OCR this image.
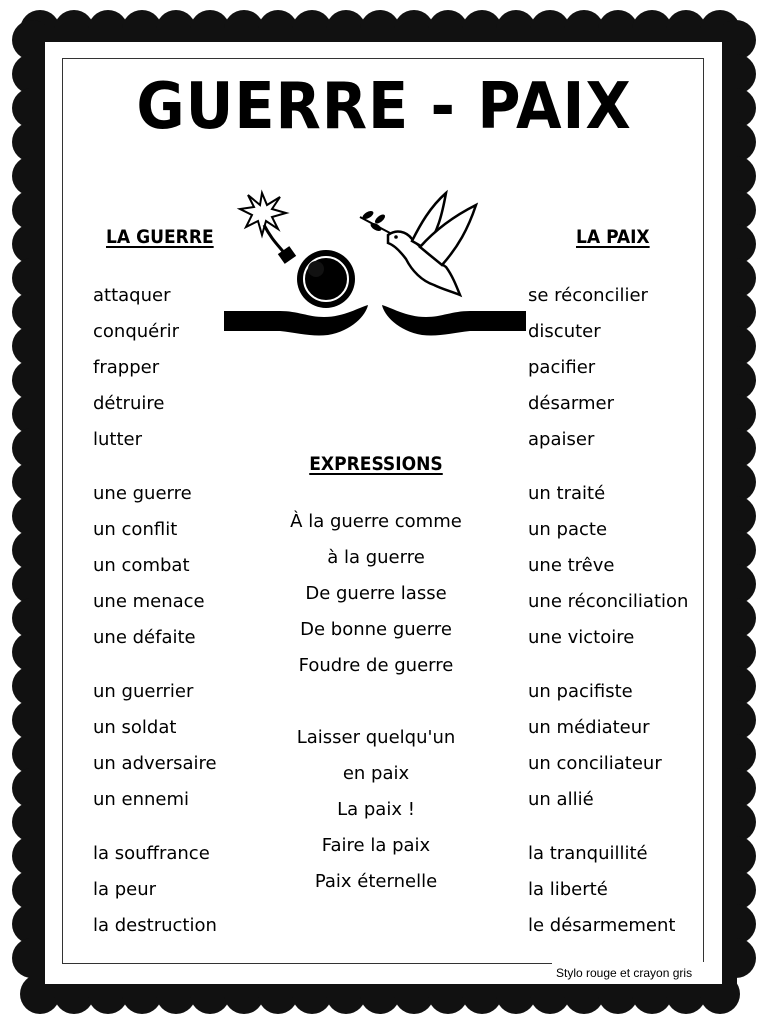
GUERRE - PAIX
LA GUERRE	LA PAIX
EXPRESSIONS
attaquer
conquérir
frapper
détruire
lutter
une guerre
un conflit
un combat
une menace
une défaite
un guerrier
un soldat
un adversaire
un ennemi
la souffrance
la peur
la destruction
se réconcilier
discuter
pacifier
désarmer
apaiser
un traité
un pacte
une trêve
une réconciliation
une victoire
un pacifiste
un médiateur
un conciliateur
un allié
la tranquillité
la liberté
le désarmement
À la guerre comme
à la guerre
De guerre lasse
De bonne guerre
Foudre de guerre
Laisser quelqu'un
en paix
La paix !
Faire la paix
Paix éternelle
Stylo rouge et crayon gris
